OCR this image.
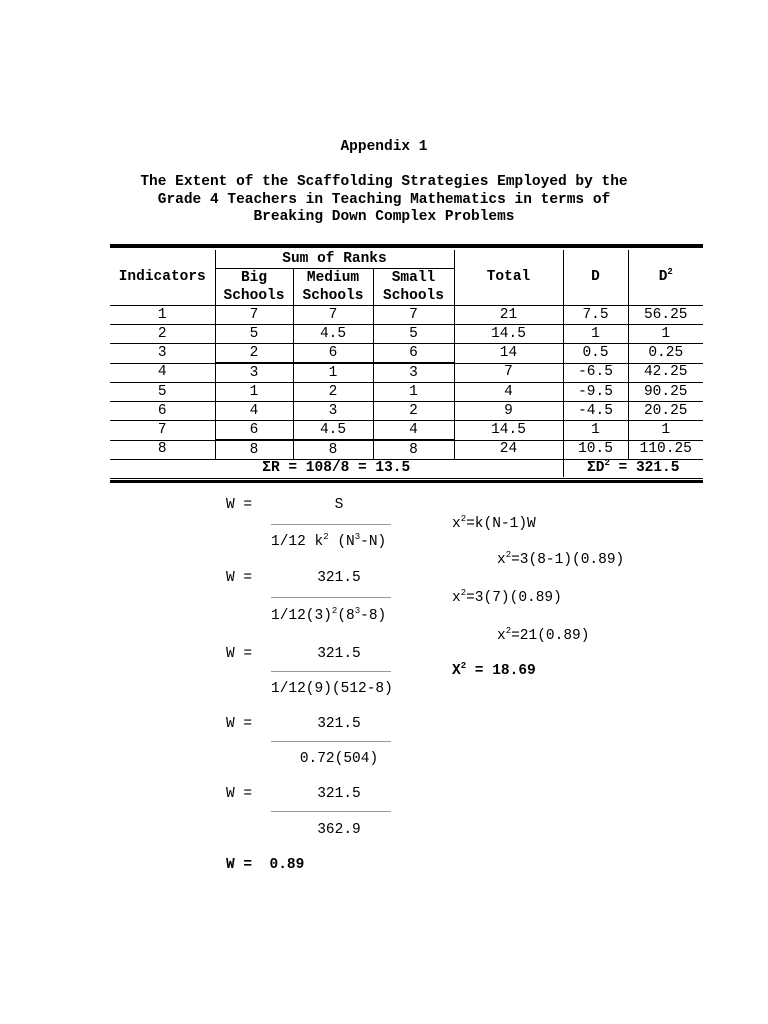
Appendix 1
The Extent of the Scaffolding Strategies Employed by the
Grade 4 Teachers in Teaching Mathematics in terms of
Breaking Down Complex Problems
Indicators	Sum of Ranks			Total	D	$D^2$
	Big	Medium	Small			
	Schools	Schools	Schools			
1	7	7	7	21	7.5	56.25
2	5	4.5	5	14.5	1	1
3	2	6	6	14	0.5	0.25
4	3	1	3	7	-6.5	42.25
5	1	2	1	4	-9.5	90.25
6	4	3	2	9	-4.5	20.25
7	6	4.5	4	14.5	1	1
8	8	8	8	24	10.5	110.25
ΣR = 108/8 = 13.5					$\Sigma D^2 = 321.5$	
W =	S
1/12 $k^2$ $(N^3-N)$
W =	321.5
$1/12(3)^2(8^3-8)$
W =	321.5
1/12(9)(512-8)
W =	321.5
0.72(504)
W =	321.5
362.9
W =  0.89
$x^2=k(N-1)W$
$x^2=3(8-1)(0.89)$
$x^2=3(7)(0.89)$
$x^2=21(0.89)$
$X^2 = 18.69$
